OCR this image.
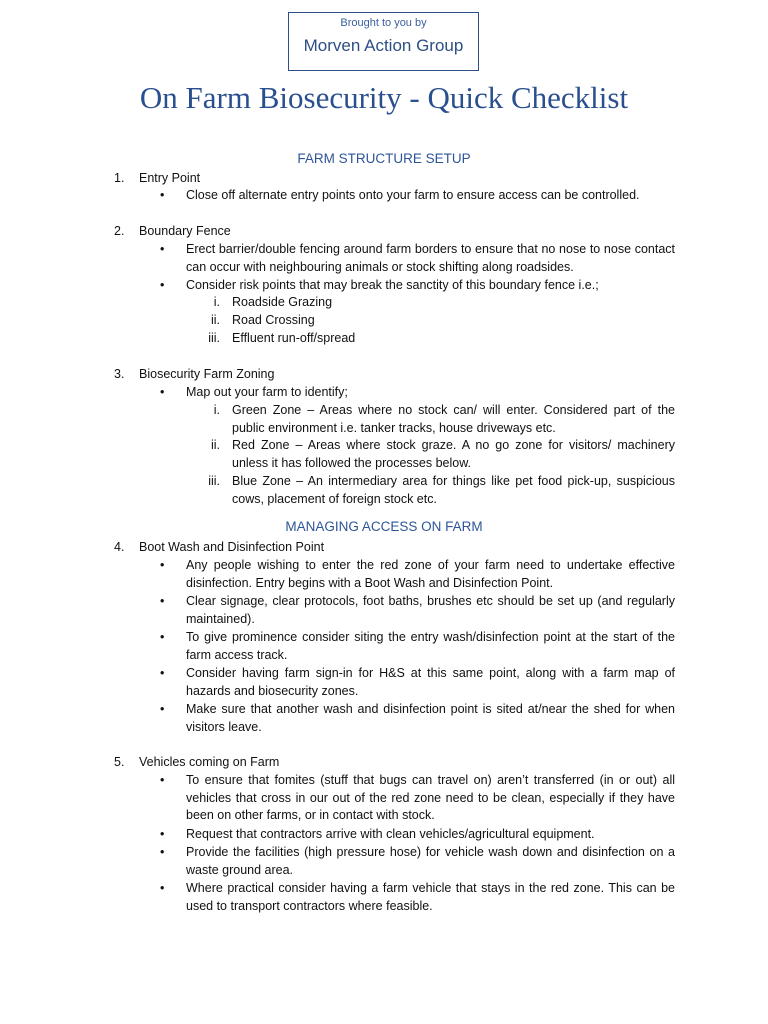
Brought to you by
Morven Action Group
On Farm Biosecurity - Quick Checklist
FARM STRUCTURE SETUP
1. Entry Point
• Close off alternate entry points onto your farm to ensure access can be controlled.
2. Boundary Fence
• Erect barrier/double fencing around farm borders to ensure that no nose to nose contact can occur with neighbouring animals or stock shifting along roadsides.
• Consider risk points that may break the sanctity of this boundary fence i.e.;
i. Roadside Grazing
ii. Road Crossing
iii. Effluent run-off/spread
3. Biosecurity Farm Zoning
• Map out your farm to identify;
i. Green Zone – Areas where no stock can/ will enter. Considered part of the public environment i.e. tanker tracks, house driveways etc.
ii. Red Zone – Areas where stock graze. A no go zone for visitors/ machinery unless it has followed the processes below.
iii. Blue Zone – An intermediary area for things like pet food pick-up, suspicious cows, placement of foreign stock etc.
MANAGING ACCESS ON FARM
4. Boot Wash and Disinfection Point
• Any people wishing to enter the red zone of your farm need to undertake effective disinfection. Entry begins with a Boot Wash and Disinfection Point.
• Clear signage, clear protocols, foot baths, brushes etc should be set up (and regularly maintained).
• To give prominence consider siting the entry wash/disinfection point at the start of the farm access track.
• Consider having farm sign-in for H&S at this same point, along with a farm map of hazards and biosecurity zones.
• Make sure that another wash and disinfection point is sited at/near the shed for when visitors leave.
5. Vehicles coming on Farm
• To ensure that fomites (stuff that bugs can travel on) aren’t transferred (in or out) all vehicles that cross in our out of the red zone need to be clean, especially if they have been on other farms, or in contact with stock.
• Request that contractors arrive with clean vehicles/agricultural equipment.
• Provide the facilities (high pressure hose) for vehicle wash down and disinfection on a waste ground area.
• Where practical consider having a farm vehicle that stays in the red zone. This can be used to transport contractors where feasible.
